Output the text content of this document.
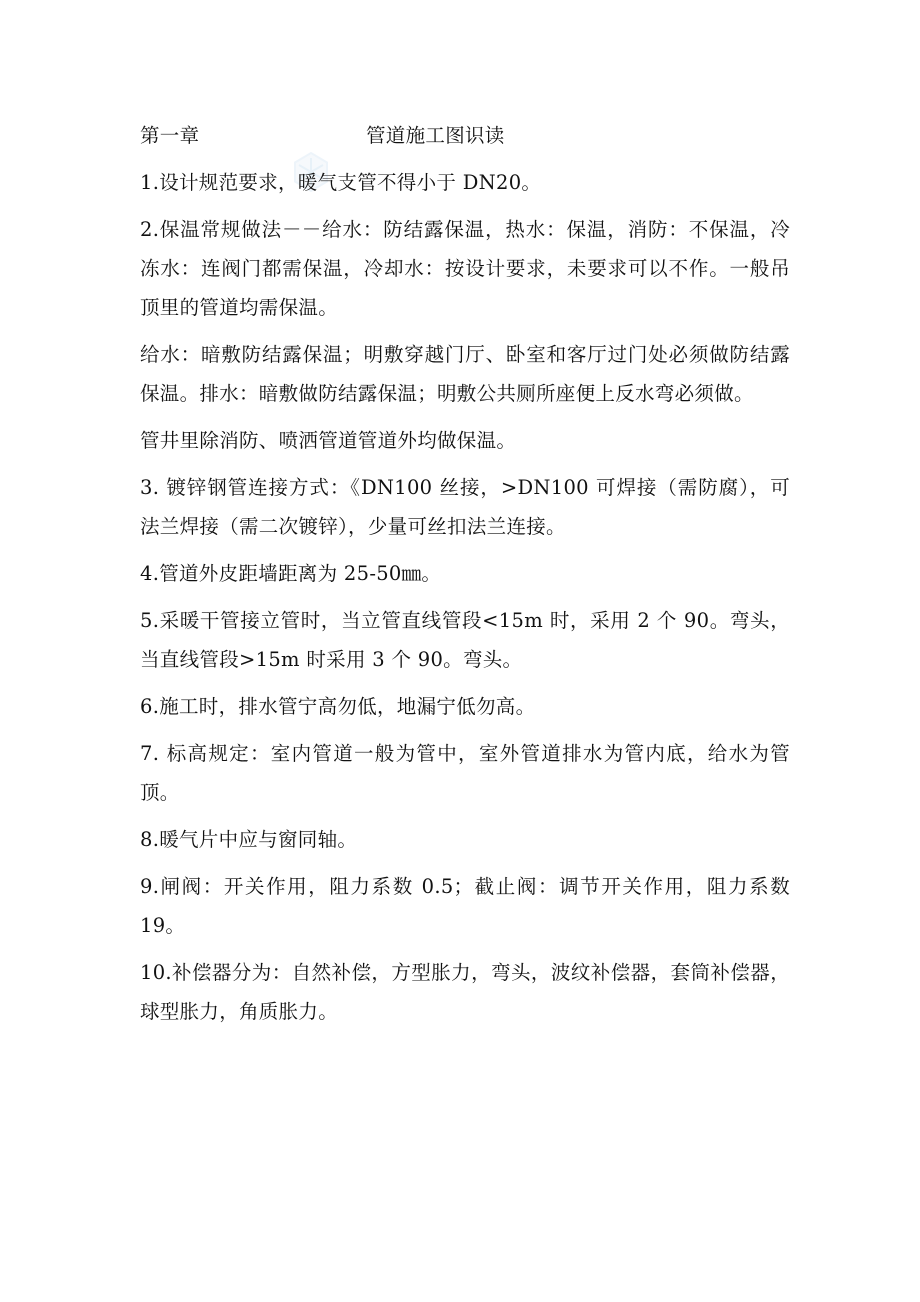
第一章	管道施工图识读

1.设计规范要求，暖气支管不得小于 DN20。

2.保温常规做法－－给水：防结露保温，热水：保温，消防：不保温，冷冻水：连阀门都需保温，冷却水：按设计要求，未要求可以不作。一般吊顶里的管道均需保温。

给水：暗敷防结露保温；明敷穿越门厅、卧室和客厅过门处必须做防结露保温。排水：暗敷做防结露保温；明敷公共厕所座便上反水弯必须做。

管井里除消防、喷洒管道管道外均做保温。

3. 镀锌钢管连接方式：《DN100 丝接，>DN100 可焊接（需防腐），可法兰焊接（需二次镀锌），少量可丝扣法兰连接。

4.管道外皮距墙距离为 25-50㎜。

5.采暖干管接立管时，当立管直线管段<15m 时，采用 2 个 90。弯头，当直线管段>15m 时采用 3 个 90。弯头。

6.施工时，排水管宁高勿低，地漏宁低勿高。

7. 标高规定：室内管道一般为管中，室外管道排水为管内底，给水为管顶。

8.暖气片中应与窗同轴。

9.闸阀：开关作用，阻力系数 0.5；截止阀：调节开关作用，阻力系数 19。

10.补偿器分为：自然补偿，方型胀力，弯头，波纹补偿器，套筒补偿器，球型胀力，角质胀力。
